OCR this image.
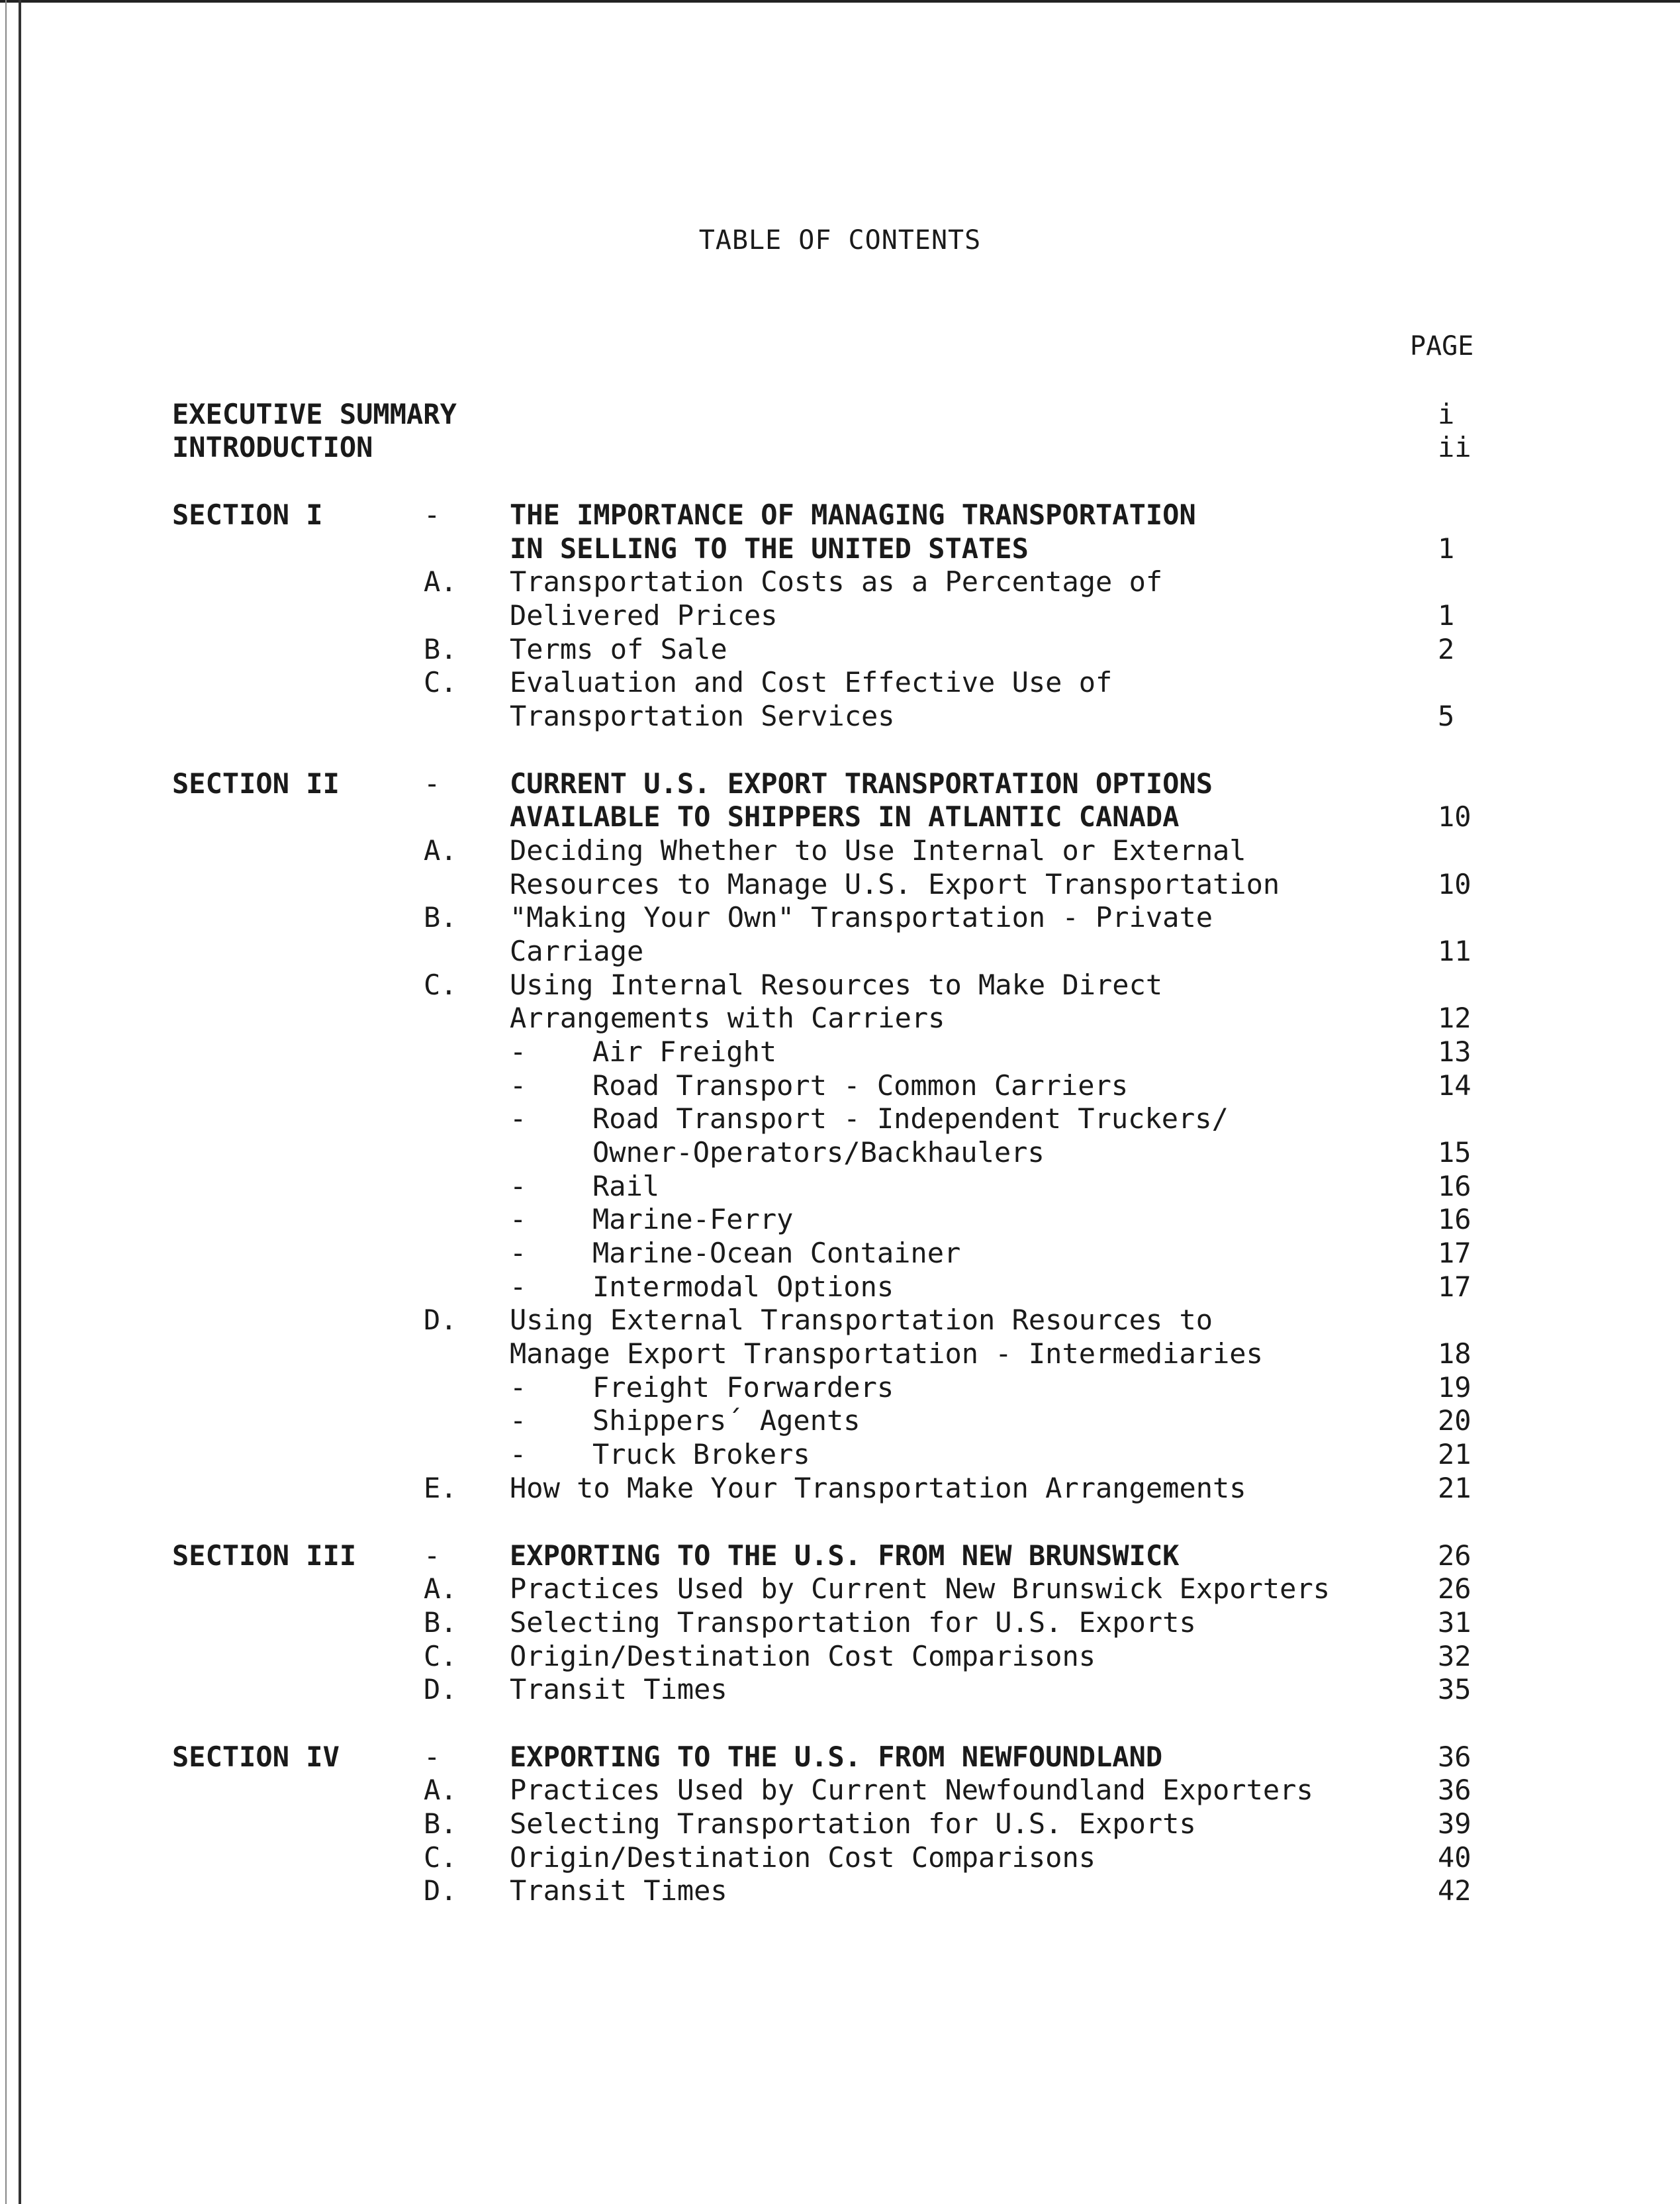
TABLE OF CONTENTS
PAGE
EXECUTIVE SUMMARY	i
INTRODUCTION	ii
SECTION I	- THE IMPORTANCE OF MANAGING TRANSPORTATION
IN SELLING TO THE UNITED STATES	1
A. Transportation Costs as a Percentage of
Delivered Prices	1
B. Terms of Sale	2
C. Evaluation and Cost Effective Use of
Transportation Services	5
SECTION II	- CURRENT U.S. EXPORT TRANSPORTATION OPTIONS
AVAILABLE TO SHIPPERS IN ATLANTIC CANADA	10
A. Deciding Whether to Use Internal or External
Resources to Manage U.S. Export Transportation	10
B. "Making Your Own" Transportation - Private
Carriage	11
C. Using Internal Resources to Make Direct
Arrangements with Carriers	12
- Air Freight	13
- Road Transport - Common Carriers	14
- Road Transport - Independent Truckers/
Owner-Operators/Backhaulers	15
- Rail	16
- Marine-Ferry	16
- Marine-Ocean Container	17
- Intermodal Options	17
D. Using External Transportation Resources to
Manage Export Transportation - Intermediaries	18
- Freight Forwarders	19
- Shippers´ Agents	20
- Truck Brokers	21
E. How to Make Your Transportation Arrangements	21
SECTION III - EXPORTING TO THE U.S. FROM NEW BRUNSWICK	26
A. Practices Used by Current New Brunswick Exporters	26
B. Selecting Transportation for U.S. Exports	31
C. Origin/Destination Cost Comparisons	32
D. Transit Times	35
SECTION IV	- EXPORTING TO THE U.S. FROM NEWFOUNDLAND	36
A. Practices Used by Current Newfoundland Exporters	36
B. Selecting Transportation for U.S. Exports	39
C. Origin/Destination Cost Comparisons	40
D. Transit Times	42
